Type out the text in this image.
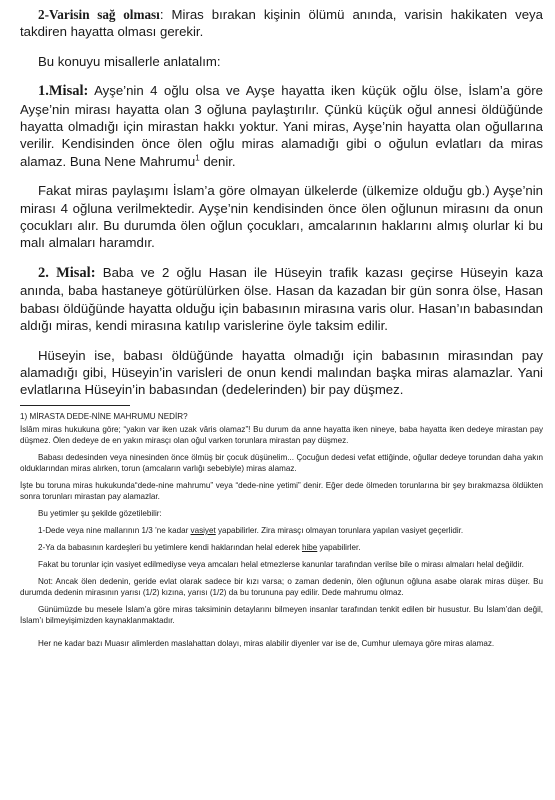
2-Varisin sağ olması: Miras bırakan kişinin ölümü anında, varisin hakikaten veya takdiren hayatta olması gerekir.

Bu konuyu misallerle anlatalım:

1.Misal: Ayşe’nin 4 oğlu olsa ve Ayşe hayatta iken küçük oğlu ölse, İslam’a göre Ayşe’nin mirası hayatta olan 3 oğluna paylaştırılır. Çünkü küçük oğul annesi öldüğünde hayatta olmadığı için mirastan hakkı yoktur. Yani miras, Ayşe’nin hayatta olan oğullarına verilir. Kendisinden önce ölen oğlu miras alamadığı gibi o oğulun evlatları da miras alamaz. Buna Nene Mahrumu$^1$ denir.

Fakat miras paylaşımı İslam’a göre olmayan ülkelerde (ülkemize olduğu gb.) Ayşe’nin mirası 4 oğluna verilmektedir. Ayşe’nin kendisinden önce ölen oğlunun mirasını da onun çocukları alır. Bu durumda ölen oğlun çocukları, amcalarının haklarını almış olurlar ki bu malı almaları haramdır.

2. Misal: Baba ve 2 oğlu Hasan ile Hüseyin trafik kazası geçirse Hüseyin kaza anında, baba hastaneye götürülürken ölse. Hasan da kazadan bir gün sonra ölse, Hasan babası öldüğünde hayatta olduğu için babasının mirasına varis olur. Hasan’ın babasından aldığı miras, kendi mirasına katılıp varislerine öyle taksim edilir.

Hüseyin ise, babası öldüğünde hayatta olmadığı için babasının mirasından pay alamadığı gibi, Hüseyin’in varisleri de onun kendi malından başka miras alamazlar. Yani evlatlarına Hüseyin’in babasından (dedelerinden) bir pay düşmez.

1) MİRASTA DEDE-NİNE MAHRUMU NEDİR?

İslâm miras hukukuna göre; “yakın var iken uzak vâris olamaz”! Bu durum da anne hayatta iken nineye, baba hayatta iken dedeye mirastan pay düşmez. Ölen dedeye de en yakın mirasçı olan oğul varken torunlara mirastan pay düşmez.

Babası dedesinden veya ninesinden önce ölmüş bir çocuk düşünelim... Çocuğun dedesi vefat ettiğinde, oğullar dedeye torundan daha yakın olduklarından miras alırken, torun (amcaların varlığı sebebiyle) miras alamaz.

İşte bu toruna miras hukukunda“dede-nine mahrumu” veya “dede-nine yetimi” denir. Eğer dede ölmeden torunlarına bir şey bırakmazsa öldükten sonra torunları mirastan pay alamazlar.

Bu yetimler şu şekilde gözetilebilir:

1-Dede veya nine mallarının 1/3 ’ne kadar vasiyet yapabilirler. Zira mirasçı olmayan torunlara yapılan vasiyet geçerlidir.

2-Ya da babasının kardeşleri bu yetimlere kendi haklarından helal ederek hibe yapabilirler.

Fakat bu torunlar için vasiyet edilmediyse veya amcaları helal etmezlerse kanunlar tarafından verilse bile o mirası almaları helal değildir.

Not: Ancak ölen dedenin, geride evlat olarak sadece bir kızı varsa; o zaman dedenin, ölen oğlunun oğluna asabe olarak miras düşer. Bu durumda dedenin mirasının yarısı (1/2) kızına, yarısı (1/2) da bu torununa pay edilir. Dede mahrumu olmaz.

Günümüzde bu mesele İslam’a göre miras taksiminin detaylarını bilmeyen insanlar tarafından tenkit edilen bir husustur. Bu İslam’dan değil, İslam’ı bilmeyişimizden kaynaklanmaktadır.

Her ne kadar bazı Muasır alimlerden maslahattan dolayı, miras alabilir diyenler var ise de, Cumhur ulemaya göre miras alamaz.
